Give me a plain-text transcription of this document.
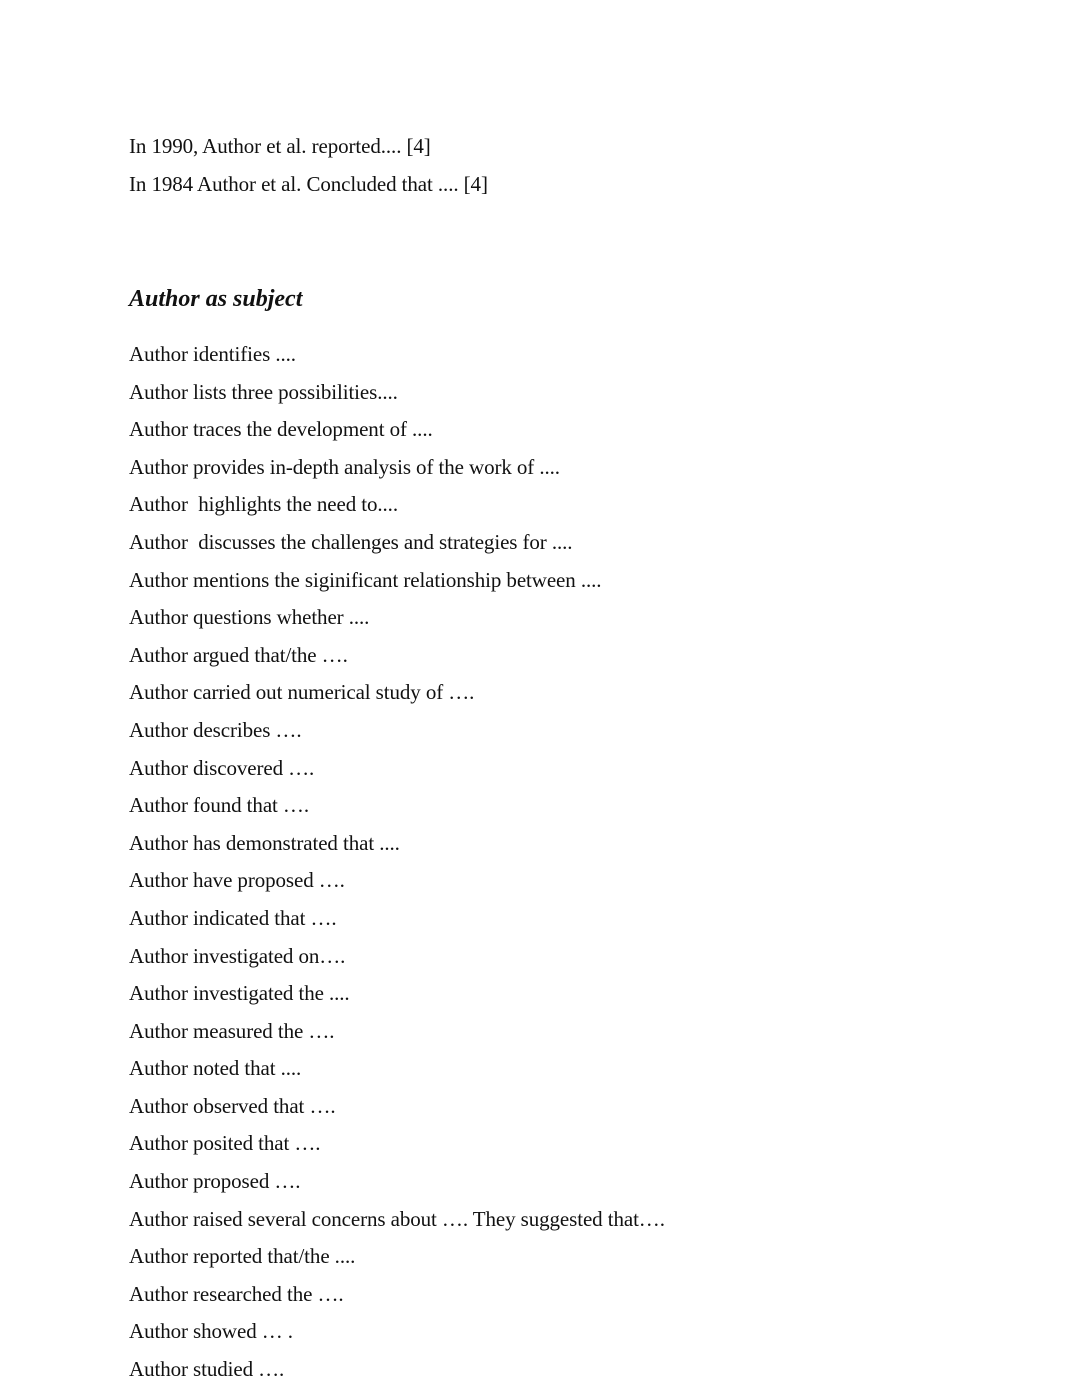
In 1990, Author et al. reported.... [4]
In 1984 Author et al. Concluded that .... [4]
Author as subject
Author identifies ....
Author lists three possibilities....
Author traces the development of ....
Author provides in-depth analysis of the work of ....
Author  highlights the need to....
Author  discusses the challenges and strategies for ....
Author mentions the siginificant relationship between ....
Author questions whether ....
Author argued that/the ….
Author carried out numerical study of ….
Author describes ….
Author discovered ….
Author found that ….
Author has demonstrated that ....
Author have proposed ….
Author indicated that ….
Author investigated on….
Author investigated the ....
Author measured the ….
Author noted that ....
Author observed that ….
Author posited that ….
Author proposed ….
Author raised several concerns about …. They suggested that….
Author reported that/the ....
Author researched the ….
Author showed … .
Author studied ….
